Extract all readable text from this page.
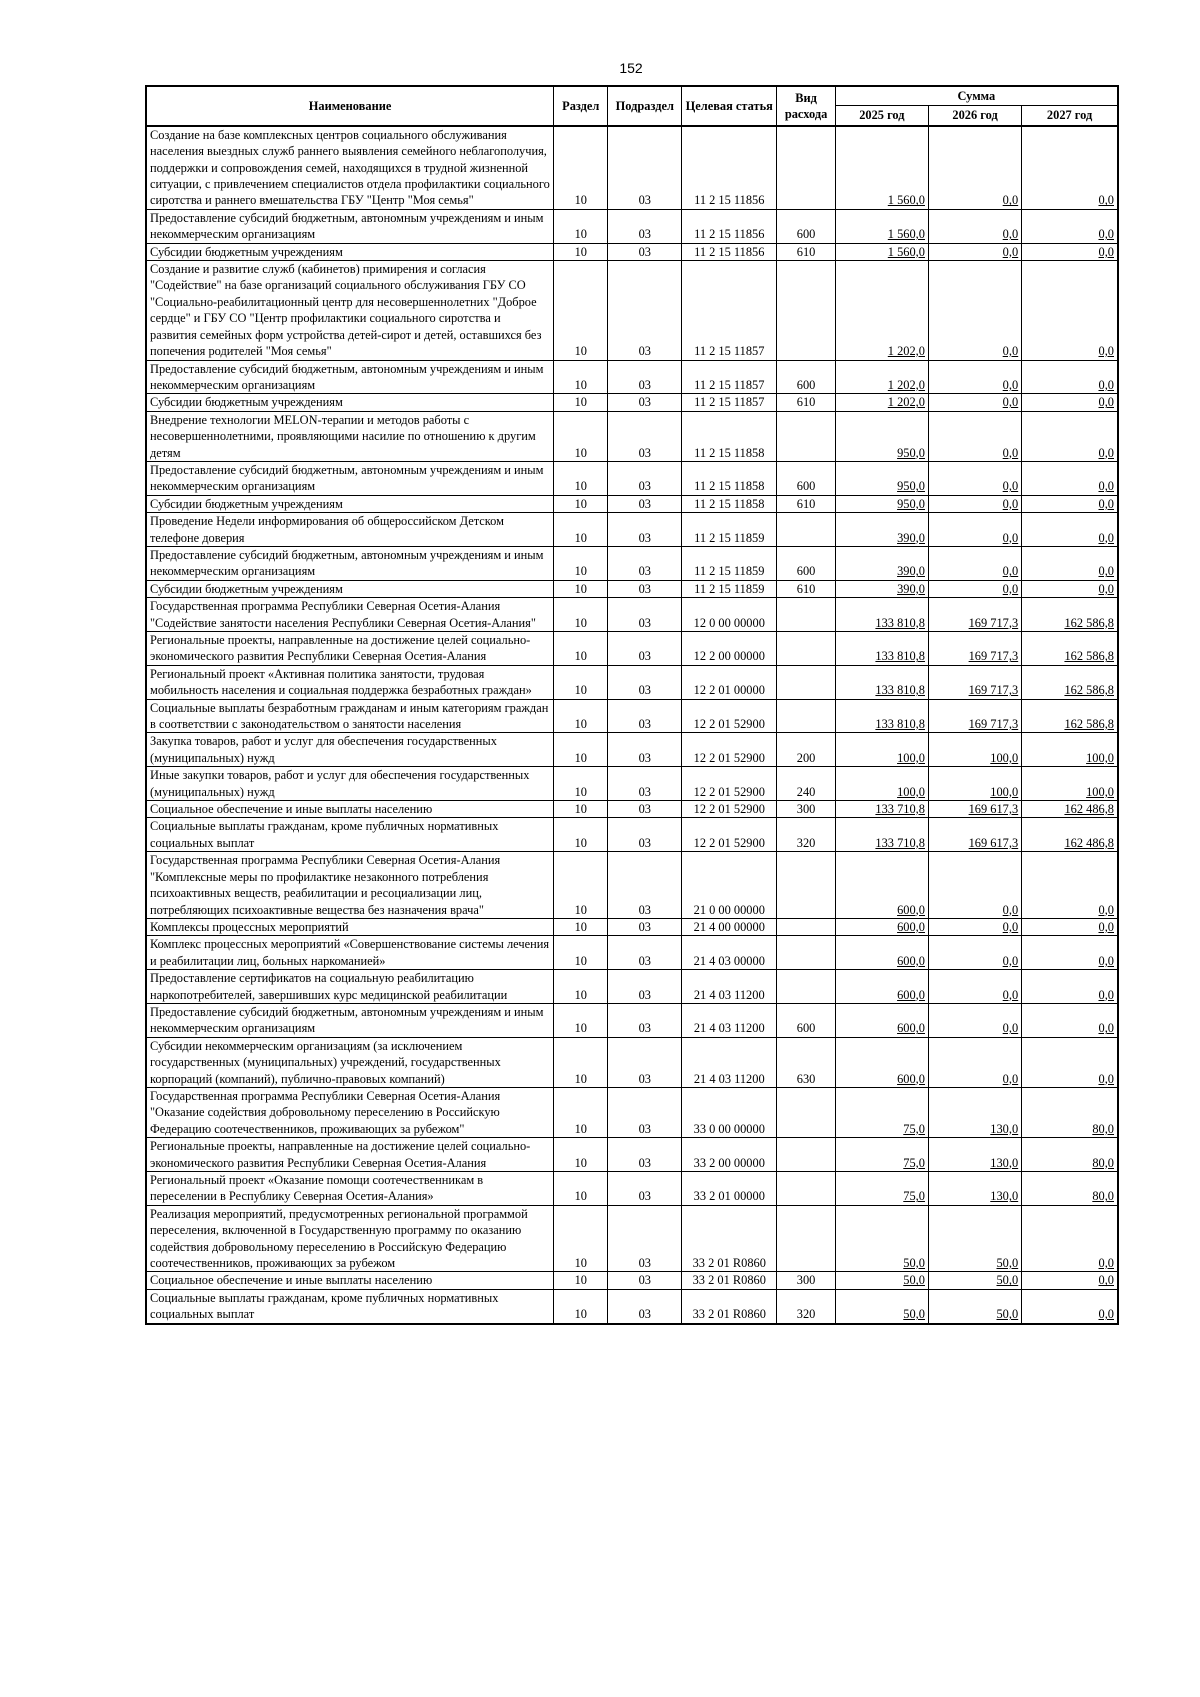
152
Наименование	Раздел	Подраздел	Целевая статья	Вид расхода	Сумма		
					2025 год	2026 год	2027 год
Создание на базе комплексных центров социального обслуживания населения выездных служб раннего выявления семейного неблагополучия, поддержки и сопровождения семей, находящихся в трудной жизненной ситуации, с привлечением специалистов отдела профилактики социального сиротства и раннего вмешательства ГБУ "Центр "Моя семья"	10	03	11 2 15 11856		1 560,0	0,0	0,0
Предоставление субсидий бюджетным, автономным учреждениям и иным некоммерческим организациям	10	03	11 2 15 11856	600	1 560,0	0,0	0,0
Субсидии бюджетным учреждениям	10	03	11 2 15 11856	610	1 560,0	0,0	0,0
Создание и развитие служб (кабинетов) примирения и согласия "Содействие" на базе организаций социального обслуживания ГБУ СО "Социально-реабилитационный центр для несовершеннолетних "Доброе сердце" и ГБУ СО "Центр профилактики социального сиротства и развития семейных форм устройства детей-сирот и детей, оставшихся без попечения родителей "Моя семья"	10	03	11 2 15 11857		1 202,0	0,0	0,0
Предоставление субсидий бюджетным, автономным учреждениям и иным некоммерческим организациям	10	03	11 2 15 11857	600	1 202,0	0,0	0,0
Субсидии бюджетным учреждениям	10	03	11 2 15 11857	610	1 202,0	0,0	0,0
Внедрение технологии MELON-терапии и методов работы с несовершеннолетними, проявляющими насилие по отношению к другим детям	10	03	11 2 15 11858		950,0	0,0	0,0
Предоставление субсидий бюджетным, автономным учреждениям и иным некоммерческим организациям	10	03	11 2 15 11858	600	950,0	0,0	0,0
Субсидии бюджетным учреждениям	10	03	11 2 15 11858	610	950,0	0,0	0,0
Проведение Недели информирования об общероссийском Детском телефоне доверия	10	03	11 2 15 11859		390,0	0,0	0,0
Предоставление субсидий бюджетным, автономным учреждениям и иным некоммерческим организациям	10	03	11 2 15 11859	600	390,0	0,0	0,0
Субсидии бюджетным учреждениям	10	03	11 2 15 11859	610	390,0	0,0	0,0
Государственная программа Республики Северная Осетия-Алания "Содействие занятости населения Республики Северная Осетия-Алания"	10	03	12 0 00 00000		133 810,8	169 717,3	162 586,8
Региональные проекты, направленные на достижение целей социально-экономического развития Республики Северная Осетия-Алания	10	03	12 2 00 00000		133 810,8	169 717,3	162 586,8
Региональный проект «Активная политика занятости, трудовая мобильность населения и социальная поддержка безработных граждан»	10	03	12 2 01 00000		133 810,8	169 717,3	162 586,8
Социальные выплаты безработным гражданам и иным категориям граждан в соответствии с законодательством о занятости населения	10	03	12 2 01 52900		133 810,8	169 717,3	162 586,8
Закупка товаров, работ и услуг для обеспечения государственных (муниципальных) нужд	10	03	12 2 01 52900	200	100,0	100,0	100,0
Иные закупки товаров, работ и услуг для обеспечения государственных (муниципальных) нужд	10	03	12 2 01 52900	240	100,0	100,0	100,0
Социальное обеспечение и иные выплаты населению	10	03	12 2 01 52900	300	133 710,8	169 617,3	162 486,8
Социальные выплаты гражданам, кроме публичных нормативных социальных выплат	10	03	12 2 01 52900	320	133 710,8	169 617,3	162 486,8
Государственная программа Республики Северная Осетия-Алания "Комплексные меры по профилактике незаконного потребления психоактивных веществ, реабилитации и ресоциализации лиц, потребляющих психоактивные вещества без назначения врача"	10	03	21 0 00 00000		600,0	0,0	0,0
Комплексы процессных мероприятий	10	03	21 4 00 00000		600,0	0,0	0,0
Комплекс процессных мероприятий «Совершенствование системы лечения и реабилитации лиц, больных наркоманией»	10	03	21 4 03 00000		600,0	0,0	0,0
Предоставление сертификатов на социальную реабилитацию наркопотребителей, завершивших курс медицинской реабилитации	10	03	21 4 03 11200		600,0	0,0	0,0
Предоставление субсидий бюджетным, автономным учреждениям и иным некоммерческим организациям	10	03	21 4 03 11200	600	600,0	0,0	0,0
Субсидии некоммерческим организациям (за исключением государственных (муниципальных) учреждений, государственных корпораций (компаний), публично-правовых компаний)	10	03	21 4 03 11200	630	600,0	0,0	0,0
Государственная программа Республики Северная Осетия-Алания "Оказание содействия добровольному переселению в Российскую Федерацию соотечественников, проживающих за рубежом"	10	03	33 0 00 00000		75,0	130,0	80,0
Региональные проекты, направленные на достижение целей социально-экономического развития Республики Северная Осетия-Алания	10	03	33 2 00 00000		75,0	130,0	80,0
Региональный проект «Оказание помощи соотечественникам в переселении в Республику Северная Осетия-Алания»	10	03	33 2 01 00000		75,0	130,0	80,0
Реализация мероприятий, предусмотренных региональной программой переселения, включенной в Государственную программу по оказанию содействия добровольному переселению в Российскую Федерацию соотечественников, проживающих за рубежом	10	03	33 2 01 R0860		50,0	50,0	0,0
Социальное обеспечение и иные выплаты населению	10	03	33 2 01 R0860	300	50,0	50,0	0,0
Социальные выплаты гражданам, кроме публичных нормативных социальных выплат	10	03	33 2 01 R0860	320	50,0	50,0	0,0
